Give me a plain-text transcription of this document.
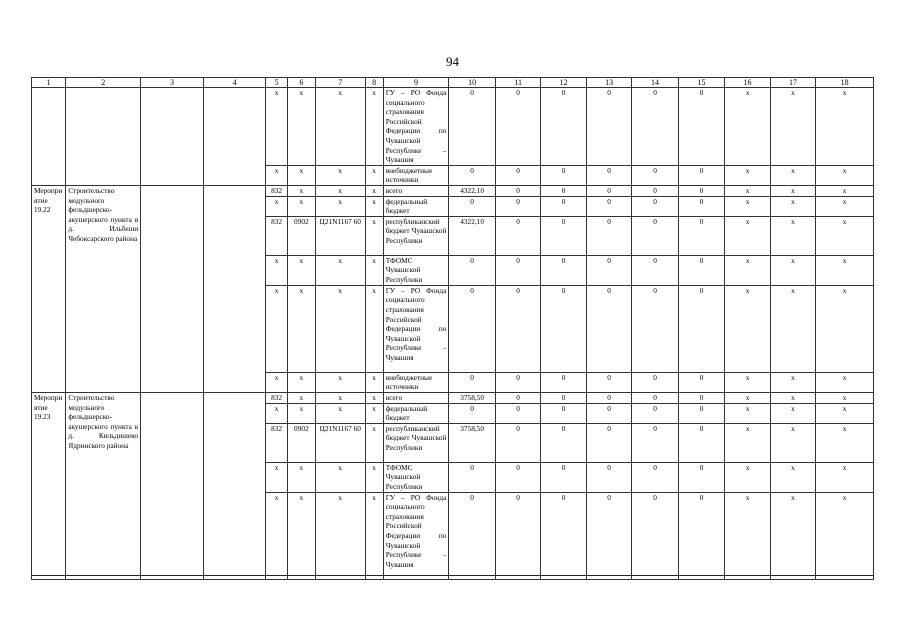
94
1	2	3	4	5	6	7	8	9	10	11	12	13	14	15	16	17	18
				x	x	x	x	ГУ – РО Фонда социального страхования Российской Федерации по Чувашской Республике – Чувашия	0	0	0	0	0	0	x	x	x
				x	x	x	x	внебюджетные источники	0	0	0	0	0	0	x	x	x
Мероприятие 19.22	Строительство модульного фельдшерско-акушерского пункта в д. Ильбеши Чебоксарского района			832	x	x	x	всего	4322,10	0	0	0	0	0	x	x	x
				x	x	x	x	федеральный бюджет	0	0	0	0	0	0	x	x	x
				832	0902	Ц21N1167 60	x	республиканский бюджет Чувашской Республики	4322,10	0	0	0	0	0	x	x	x
				x	x	x	x	ТФОМС Чувашской Республики	0	0	0	0	0	0	x	x	x
				x	x	x	x	ГУ – РО Фонда социального страхования Российской Федерации по Чувашской Республике – Чувашия	0	0	0	0	0	0	x	x	x
				x	x	x	x	внебюджетные источники	0	0	0	0	0	0	x	x	x
Мероприятие 19.23	Строительство модульного фельдшерско-акушерского пункта в д. Кильдишево Ядринского района			832	x	x	x	всего	3758,50	0	0	0	0	0	x	x	x
				x	x	x	x	федеральный бюджет	0	0	0	0	0	0	x	x	x
				832	0902	Ц21N1167 60	x	республиканский бюджет Чувашской Республики	3758,50	0	0	0	0	0	x	x	x
				x	x	x	x	ТФОМС Чувашской Республики	0	0	0	0	0	0	x	x	x
				x	x	x	x	ГУ – РО Фонда социального страхования Российской Федерации по Чувашской Республике – Чувашия	0	0	0	0	0	0	x	x	x
